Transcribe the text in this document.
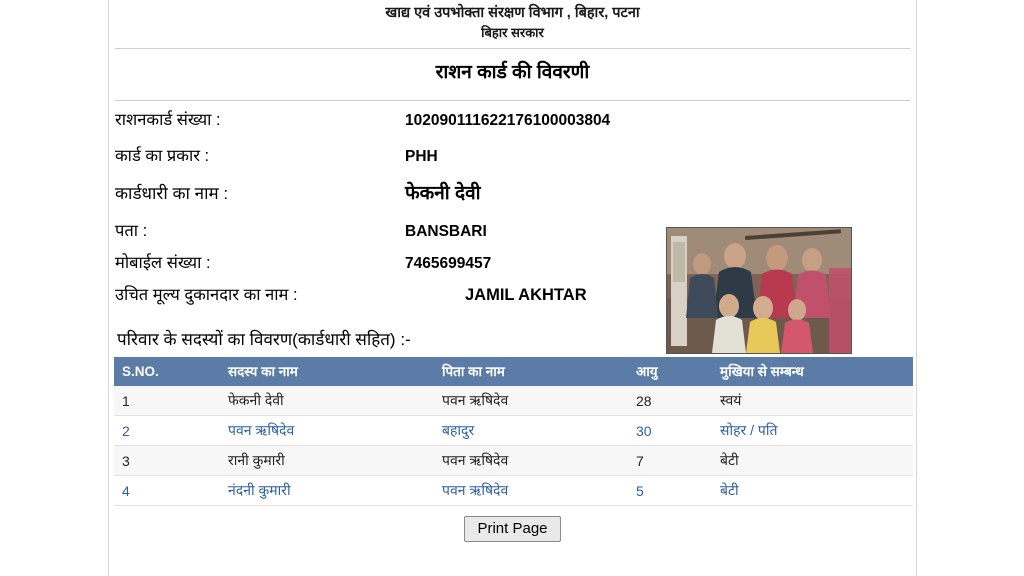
खाद्य एवं उपभोक्ता संरक्षण विभाग , बिहार, पटना
बिहार सरकार
राशन कार्ड की विवरणी
राशनकार्ड संख्या :	102090111622176100003804
कार्ड का प्रकार :	PHH
कार्डधारी का नाम :	फेकनी देवी
पता :	BANSBARI
मोबाईल संख्या :	7465699457
उचित मूल्य दुकानदार का नाम :	JAMIL AKHTAR
परिवार के सदस्यों का विवरण(कार्डधारी सहित) :-
S.NO.	सदस्य का नाम	पिता का नाम	आयु	मुखिया से सम्बन्ध
1	फेकनी देवी	पवन ऋषिदेव	28	स्वयं
2	पवन ऋषिदेव	बहादुर	30	सोहर / पति
3	रानी कुमारी	पवन ऋषिदेव	7	बेटी
4	नंदनी कुमारी	पवन ऋषिदेव	5	बेटी
Print Page
